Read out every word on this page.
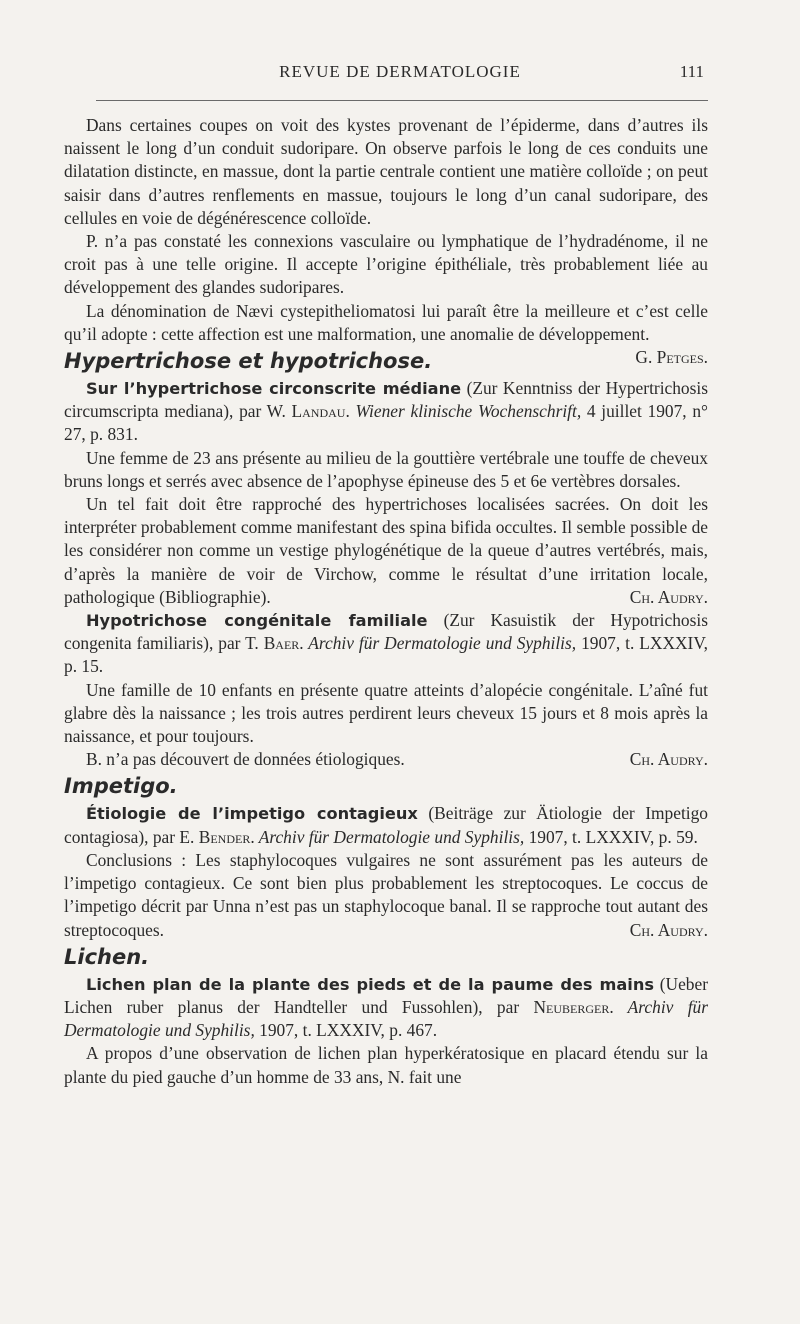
REVUE DE DERMATOLOGIE	111

Dans certaines coupes on voit des kystes provenant de l’épiderme, dans d’autres ils naissent le long d’un conduit sudoripare. On observe parfois le long de ces conduits une dilatation distincte, en massue, dont la partie centrale contient une matière colloïde ; on peut saisir dans d’autres renflements en massue, toujours le long d’un canal sudoripare, des cellules en voie de dégénérescence colloïde.

P. n’a pas constaté les connexions vasculaire ou lymphatique de l’hydradénome, il ne croit pas à une telle origine. Il accepte l’origine épithéliale, très probablement liée au développement des glandes sudoripares.

La dénomination de Nævi cystepitheliomatosi lui paraît être la meilleure et c’est celle qu’il adopte : cette affection est une malformation, une anomalie de développement.
G. Petges.

Hypertrichose et hypotrichose.

Sur l’hypertrichose circonscrite médiane (Zur Kenntniss der Hypertrichosis circumscripta mediana), par W. Landau. Wiener klinische Wochenschrift, 4 juillet 1907, n° 27, p. 831.

Une femme de 23 ans présente au milieu de la gouttière vertébrale une touffe de cheveux bruns longs et serrés avec absence de l’apophyse épineuse des 5 et 6e vertèbres dorsales.

Un tel fait doit être rapproché des hypertrichoses localisées sacrées. On doit les interpréter probablement comme manifestant des spina bifida occultes. Il semble possible de les considérer non comme un vestige phylogénétique de la queue d’autres vertébrés, mais, d’après la manière de voir de Virchow, comme le résultat d’une irritation locale, pathologique (Bibliographie).	Ch. Audry.

Hypotrichose congénitale familiale (Zur Kasuistik der Hypotrichosis congenita familiaris), par T. Baer. Archiv für Dermatologie und Syphilis, 1907, t. LXXXIV, p. 15.

Une famille de 10 enfants en présente quatre atteints d’alopécie congénitale. L’aîné fut glabre dès la naissance ; les trois autres perdirent leurs cheveux 15 jours et 8 mois après la naissance, et pour toujours.

B. n’a pas découvert de données étiologiques.	Ch. Audry.

Impetigo.

Étiologie de l’impetigo contagieux (Beiträge zur Ätiologie der Impetigo contagiosa), par E. Bender. Archiv für Dermatologie und Syphilis, 1907, t. LXXXIV, p. 59.

Conclusions : Les staphylocoques vulgaires ne sont assurément pas les auteurs de l’impetigo contagieux. Ce sont bien plus probablement les streptocoques. Le coccus de l’impetigo décrit par Unna n’est pas un staphylocoque banal. Il se rapproche tout autant des streptocoques.	Ch. Audry.

Lichen.

Lichen plan de la plante des pieds et de la paume des mains (Ueber Lichen ruber planus der Handteller und Fussohlen), par Neuberger. Archiv für Dermatologie und Syphilis, 1907, t. LXXXIV, p. 467.

A propos d’une observation de lichen plan hyperkératosique en placard étendu sur la plante du pied gauche d’un homme de 33 ans, N. fait une
